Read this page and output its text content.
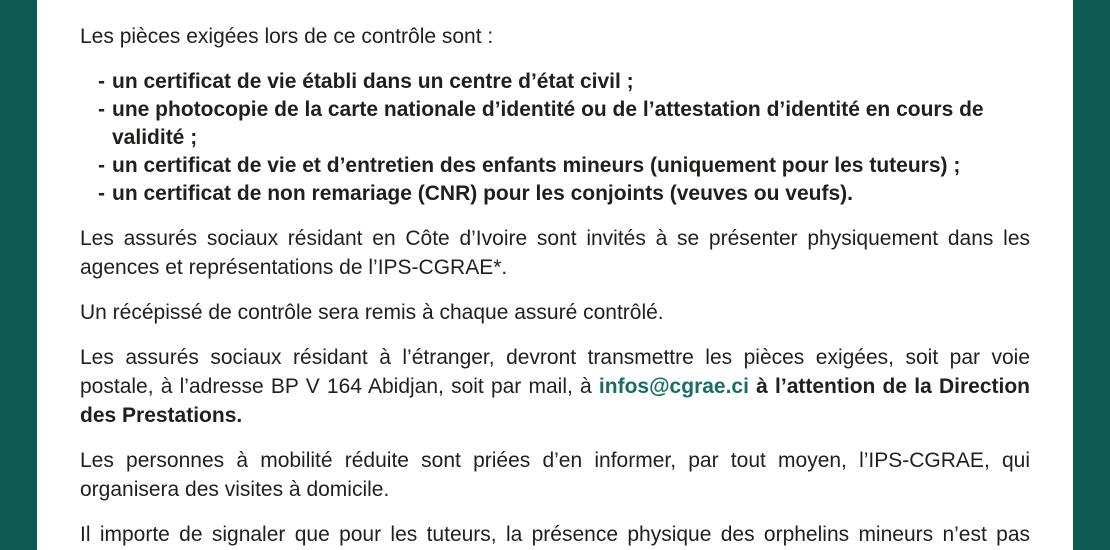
Les pièces exigées lors de ce contrôle sont :

- un certificat de vie établi dans un centre d’état civil ;
- une photocopie de la carte nationale d’identité ou de l’attestation d’identité en cours de validité ;
- un certificat de vie et d’entretien des enfants mineurs (uniquement pour les tuteurs) ;
- un certificat de non remariage (CNR) pour les conjoints (veuves ou veufs).

Les assurés sociaux résidant en Côte d’Ivoire sont invités à se présenter physiquement dans les agences et représentations de l’IPS-CGRAE*.

Un récépissé de contrôle sera remis à chaque assuré contrôlé.

Les assurés sociaux résidant à l’étranger, devront transmettre les pièces exigées, soit par voie postale, à l’adresse BP V 164 Abidjan, soit par mail, à infos@cgrae.ci à l’attention de la Direction des Prestations.

Les personnes à mobilité réduite sont priées d’en informer, par tout moyen, l’IPS-CGRAE, qui organisera des visites à domicile.

Il importe de signaler que pour les tuteurs, la présence physique des orphelins mineurs n’est pas
